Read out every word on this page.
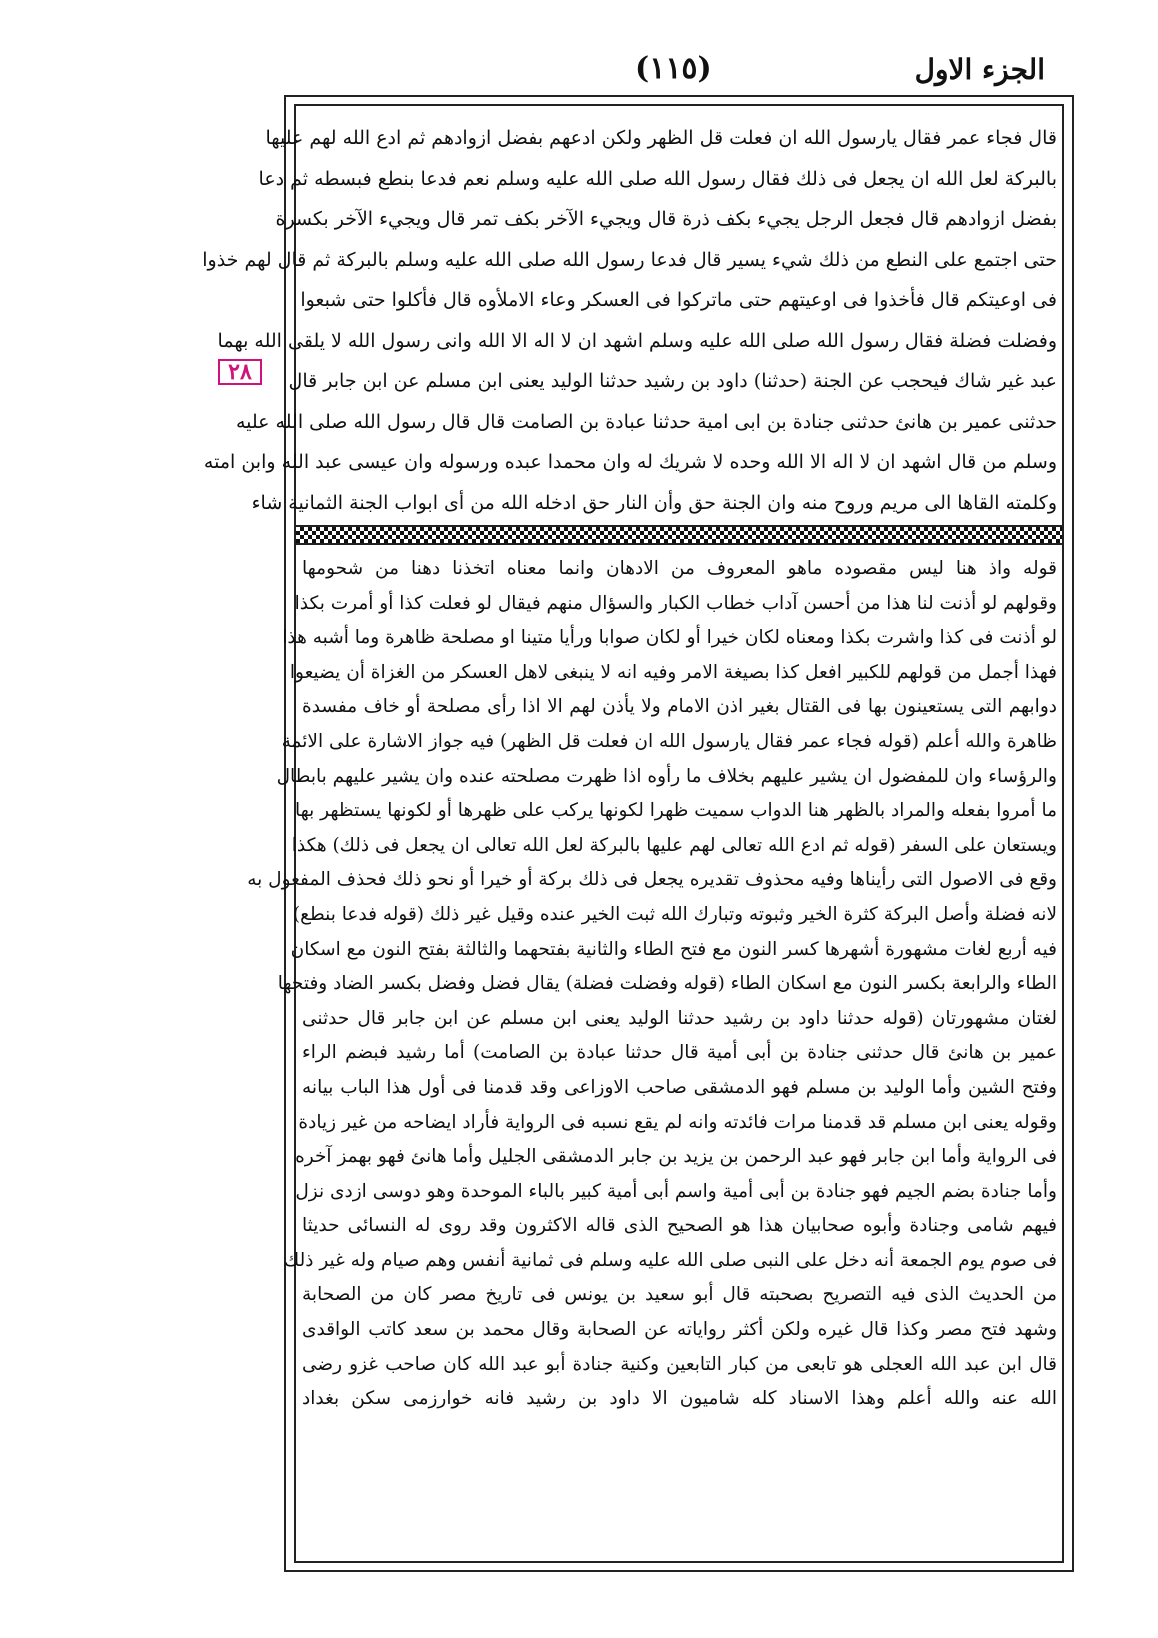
الجزء الاول
(١١٥)
٢٨
قال فجاء عمر فقال يارسول الله ان فعلت قل الظهر ولكن ادعهم بفضل ازوادهم ثم ادع الله لهم عليها
بالبركة لعل الله ان يجعل فى ذلك فقال رسول الله صلى الله عليه وسلم نعم فدعا بنطع فبسطه ثم دعا
بفضل ازوادهم قال فجعل الرجل يجيء بكف ذرة قال ويجيء الآخر بكف تمر قال ويجيء الآخر بكسرة
حتى اجتمع على النطع من ذلك شيء يسير قال فدعا رسول الله صلى الله عليه وسلم بالبركة ثم قال لهم خذوا
فى اوعيتكم قال فأخذوا فى اوعيتهم حتى ماتركوا فى العسكر وعاء الاملأوه قال فأكلوا حتى شبعوا
وفضلت فضلة فقال رسول الله صلى الله عليه وسلم اشهد ان لا اله الا الله وانى رسول الله لا يلقى الله بهما
عبد غير شاك فيحجب عن الجنة (حدثنا) داود بن رشيد حدثنا الوليد يعنى ابن مسلم عن ابن جابر قال
حدثنى عمير بن هانئ حدثنى جنادة بن ابى امية حدثنا عبادة بن الصامت قال قال رسول الله صلى الله عليه
وسلم من قال اشهد ان لا اله الا الله وحده لا شريك له وان محمدا عبده ورسوله وان عيسى عبد الله وابن امته
وكلمته القاها الى مريم وروح منه وان الجنة حق وأن النار حق ادخله الله من أى ابواب الجنة الثمانية شاء
قوله واذ هنا ليس مقصوده ماهو المعروف من الادهان وانما معناه اتخذنا دهنا من شحومها
وقولهم لو أذنت لنا هذا من أحسن آداب خطاب الكبار والسؤال منهم فيقال لو فعلت كذا أو أمرت بكذا
لو أذنت فى كذا واشرت بكذا ومعناه لكان خيرا أو لكان صوابا ورأيا متينا او مصلحة ظاهرة وما أشبه هذا
فهذا أجمل من قولهم للكبير افعل كذا بصيغة الامر وفيه انه لا ينبغى لاهل العسكر من الغزاة أن يضيعوا
دوابهم التى يستعينون بها فى القتال بغير اذن الامام ولا يأذن لهم الا اذا رأى مصلحة أو خاف مفسدة
ظاهرة والله أعلم (قوله فجاء عمر فقال يارسول الله ان فعلت قل الظهر) فيه جواز الاشارة على الائمة
والرؤساء وان للمفضول ان يشير عليهم بخلاف ما رأوه اذا ظهرت مصلحته عنده وان يشير عليهم بابطال
ما أمروا بفعله والمراد بالظهر هنا الدواب سميت ظهرا لكونها يركب على ظهرها أو لكونها يستظهر بها
ويستعان على السفر (قوله ثم ادع الله تعالى لهم عليها بالبركة لعل الله تعالى ان يجعل فى ذلك) هكذا
وقع فى الاصول التى رأيناها وفيه محذوف تقديره يجعل فى ذلك بركة أو خيرا أو نحو ذلك فحذف المفعول به
لانه فضلة وأصل البركة كثرة الخير وثبوته وتبارك الله ثبت الخير عنده وقيل غير ذلك (قوله فدعا بنطع)
فيه أربع لغات مشهورة أشهرها كسر النون مع فتح الطاء والثانية بفتحهما والثالثة بفتح النون مع اسكان
الطاء والرابعة بكسر النون مع اسكان الطاء (قوله وفضلت فضلة) يقال فضل وفضل بكسر الضاد وفتحها
لغتان مشهورتان (قوله حدثنا داود بن رشيد حدثنا الوليد يعنى ابن مسلم عن ابن جابر قال حدثنى
عمير بن هانئ قال حدثنى جنادة بن أبى أمية قال حدثنا عبادة بن الصامت) أما رشيد فبضم الراء
وفتح الشين وأما الوليد بن مسلم فهو الدمشقى صاحب الاوزاعى وقد قدمنا فى أول هذا الباب بيانه
وقوله يعنى ابن مسلم قد قدمنا مرات فائدته وانه لم يقع نسبه فى الرواية فأراد ايضاحه من غير زيادة
فى الرواية وأما ابن جابر فهو عبد الرحمن بن يزيد بن جابر الدمشقى الجليل وأما هانئ فهو بهمز آخره
وأما جنادة بضم الجيم فهو جنادة بن أبى أمية واسم أبى أمية كبير بالباء الموحدة وهو دوسى ازدى نزل
فيهم شامى وجنادة وأبوه صحابيان هذا هو الصحيح الذى قاله الاكثرون وقد روى له النسائى حديثا
فى صوم يوم الجمعة أنه دخل على النبى صلى الله عليه وسلم فى ثمانية أنفس وهم صيام وله غير ذلك
من الحديث الذى فيه التصريح بصحبته قال أبو سعيد بن يونس فى تاريخ مصر كان من الصحابة
وشهد فتح مصر وكذا قال غيره ولكن أكثر رواياته عن الصحابة وقال محمد بن سعد كاتب الواقدى
قال ابن عبد الله العجلى هو تابعى من كبار التابعين وكنية جنادة أبو عبد الله كان صاحب غزو رضى
الله عنه والله أعلم وهذا الاسناد كله شاميون الا داود بن رشيد فانه خوارزمى سكن بغداد
